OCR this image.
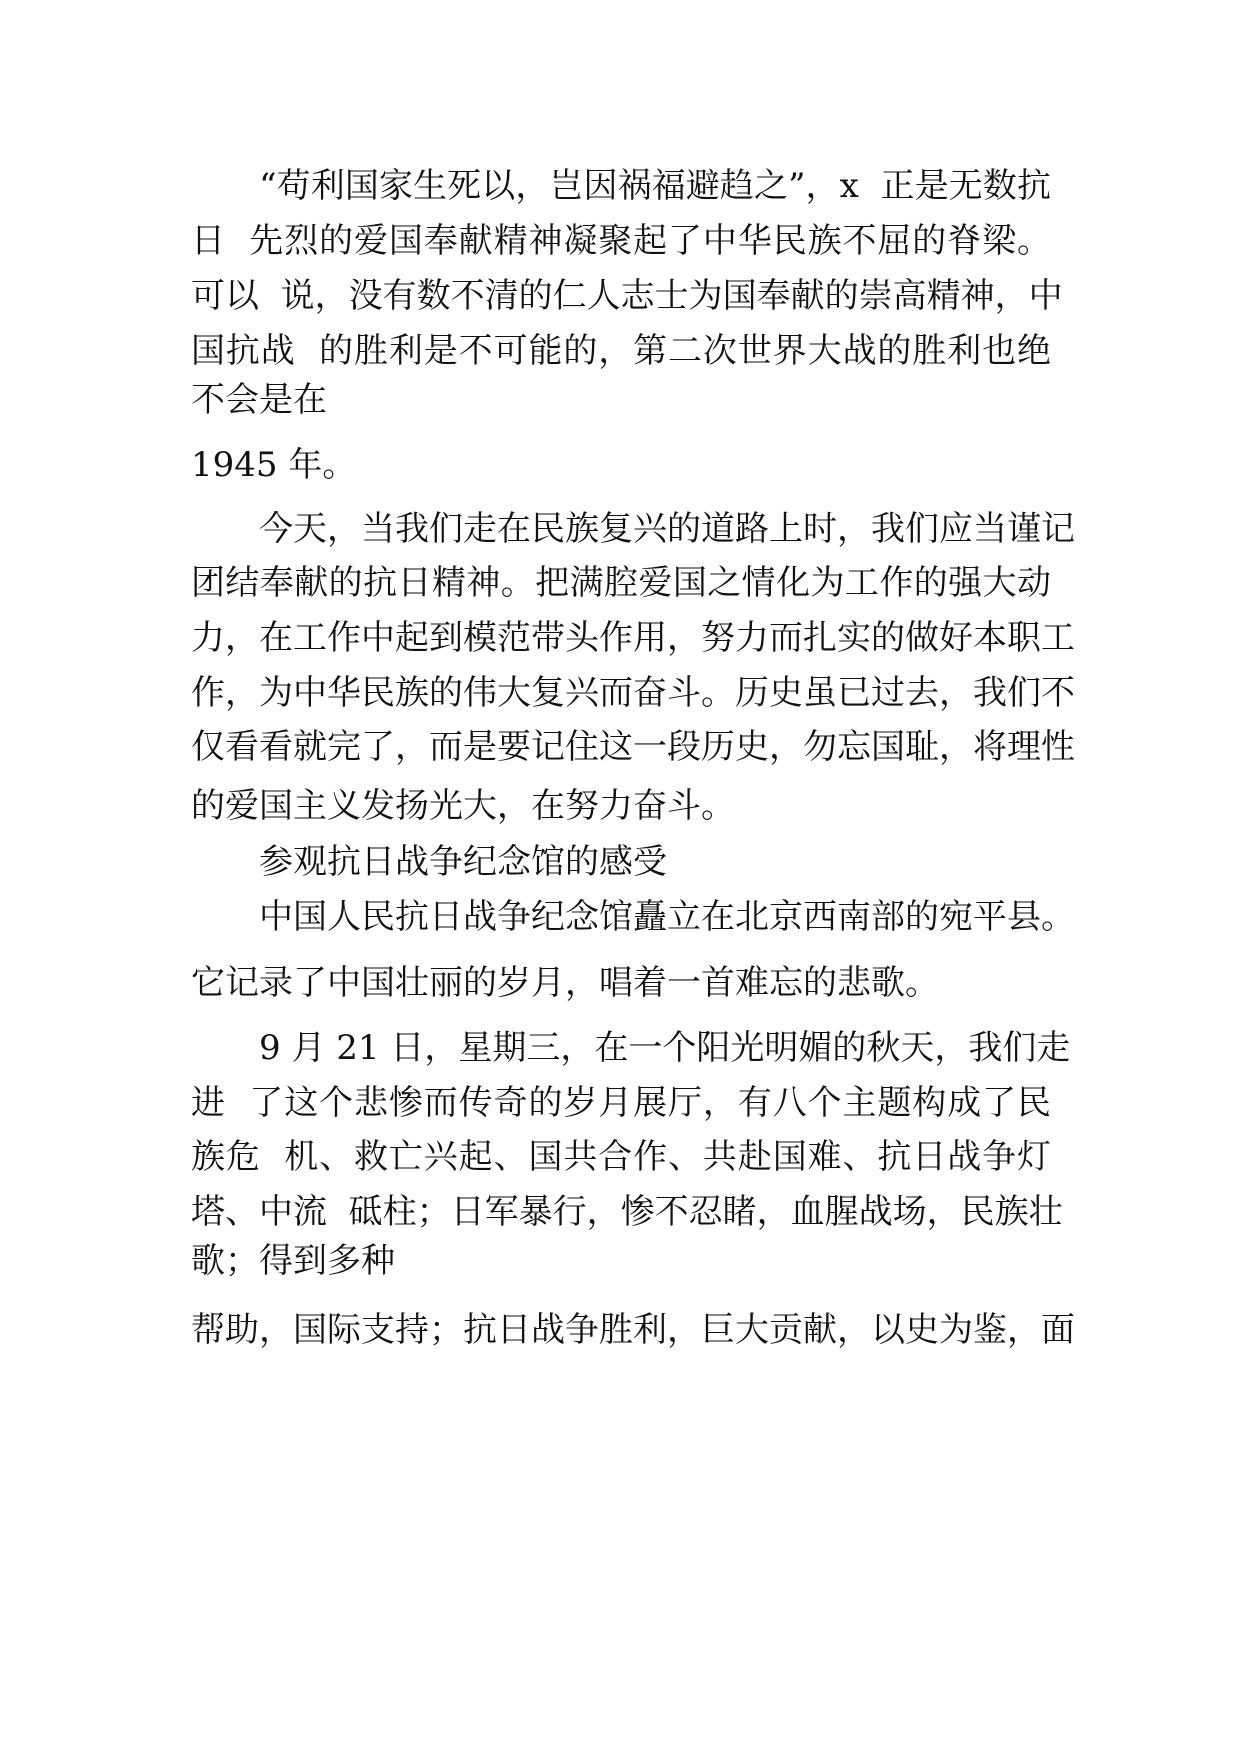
　　“苟利国家生死以，岂因祸福避趋之”，x  正是无数抗

日  先烈的爱国奉献精神凝聚起了中华民族不屈的脊梁。

可以  说，没有数不清的仁人志士为国奉献的崇高精神，中

国抗战  的胜利是不可能的，第二次世界大战的胜利也绝

不会是在

1945 年。

　　今天，当我们走在民族复兴的道路上时，我们应当谨记

团结奉献的抗日精神。把满腔爱国之情化为工作的强大动

力，在工作中起到模范带头作用，努力而扎实的做好本职工

作，为中华民族的伟大复兴而奋斗。历史虽已过去，我们不

仅看看就完了，而是要记住这一段历史，勿忘国耻，将理性

的爱国主义发扬光大，在努力奋斗。

　　参观抗日战争纪念馆的感受

　　中国人民抗日战争纪念馆矗立在北京西南部的宛平县。

它记录了中国壮丽的岁月，唱着一首难忘的悲歌。

　　9 月 21 日，星期三，在一个阳光明媚的秋天，我们走

进  了这个悲惨而传奇的岁月展厅，有八个主题构成了民

族危  机、救亡兴起、国共合作、共赴国难、抗日战争灯

塔、中流  砥柱；日军暴行，惨不忍睹，血腥战场，民族壮

歌；得到多种

帮助，国际支持；抗日战争胜利，巨大贡献，以史为鉴，面
